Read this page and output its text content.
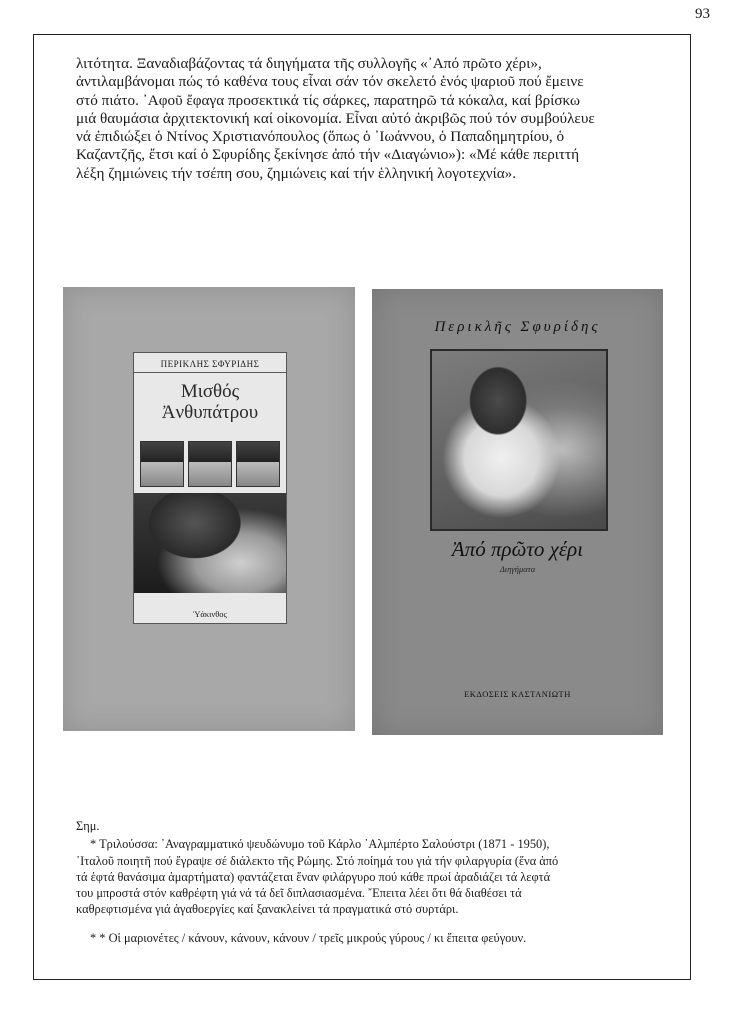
93
λιτότητα. Ξαναδιαβάζοντας τά διηγήματα τῆς συλλογῆς «᾿Από πρῶτο χέρι»,
ἀντιλαμβάνομαι πώς τό καθένα τους εἶναι σάν τόν σκελετό ἑνός ψαριοῦ πού ἔμεινε
στό πιάτο. ᾿Αφοῦ ἔφαγα προσεκτικά τίς σάρκες, παρατηρῶ τά κόκαλα, καί βρίσκω
μιά θαυμάσια ἀρχιτεκτονική καί οἰκονομία. Εἶναι αὐτό ἀκριβῶς πού τόν συμβούλευε
νά ἐπιδιώξει ὁ Ντίνος Χριστιανόπουλος (ὅπως ὁ ᾿Ιωάννου, ὁ Παπαδημητρίου, ὁ
Καζαντζῆς, ἔτσι καί ὁ Σφυρίδης ξεκίνησε ἀπό τήν «Διαγώνιο»): «Μέ κάθε περιττή
λέξη ζημιώνεις τήν τσέπη σου, ζημιώνεις καί τήν ἑλληνική λογοτεχνία».
ΠΕΡΙΚΛΗΣ ΣΦΥΡΙΔΗΣ
Μισθός
Ἀνθυπάτρου
Ὑάκινθος
Περικλῆς Σφυρίδης
Ἀπό πρῶτο χέρι
Διηγήματα
ΕΚΔΟΣΕΙΣ ΚΑΣΤΑΝΙΩΤΗ
Σημ.
* Τριλούσσα: ᾿Αναγραμματικό ψευδώνυμο τοῦ Κάρλο ᾿Αλμπέρτο Σαλούστρι (1871 - 1950),
᾿Ιταλοῦ ποιητῆ πού ἔγραψε σέ διάλεκτο τῆς Ρώμης. Στό ποίημά του γιά τήν φιλαργυρία (ἕνα ἀπό
τά ἑφτά θανάσιμα ἁμαρτήματα) φαντάζεται ἕναν φιλάργυρο πού κάθε πρωί ἀραδιάζει τά λεφτά
του μπροστά στόν καθρέφτη γιά νά τά δεῖ διπλασιασμένα. ῎Επειτα λέει ὅτι θά διαθέσει τά
καθρεφτισμένα γιά ἀγαθοεργίες καί ξανακλείνει τά πραγματικά στό συρτάρι.
* * Οἱ μαριονέτες / κάνουν, κάνουν, κάνουν / τρεῖς μικρούς γύρους / κι ἔπειτα φεύγουν.
